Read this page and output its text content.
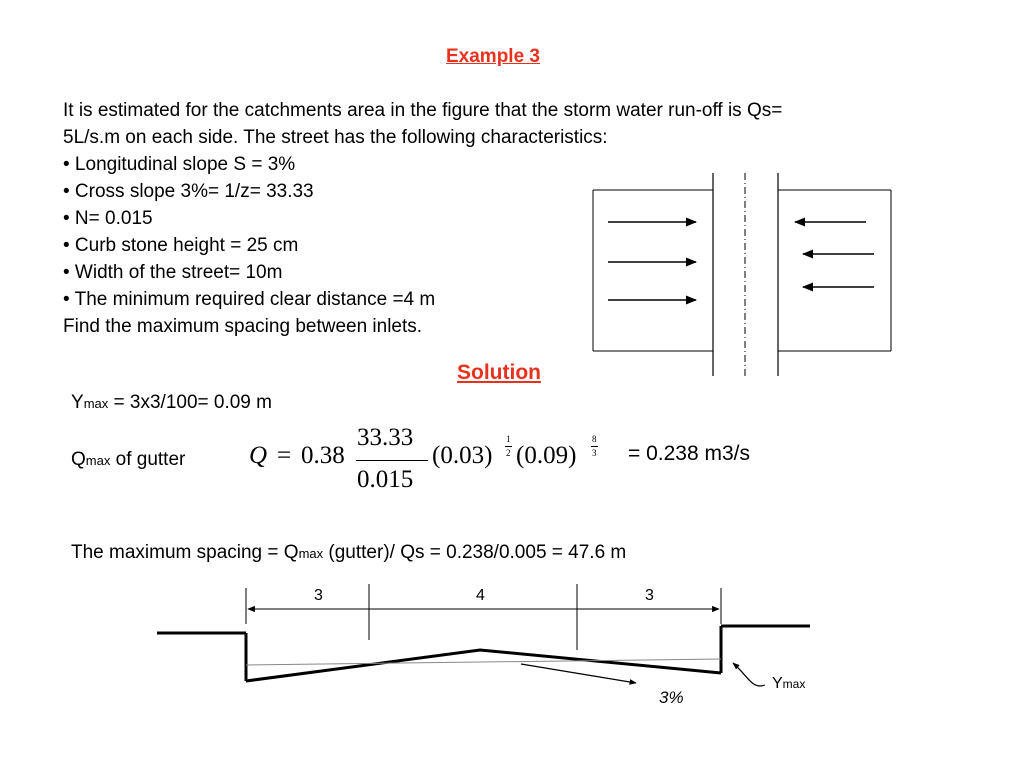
Example 3
It is estimated for the catchments area in the figure that the storm water run-off is Qs=
5L/s.m on each side. The street has the following characteristics:
• Longitudinal slope S = 3%
• Cross slope 3%= 1/z= 33.33
• N= 0.015
• Curb stone height = 25 cm
• Width of the street= 10m
• The minimum required clear distance =4 m
Find the maximum spacing between inlets.
Solution
Ymax = 3x3/100= 0.09 m
Qmax of gutter	Q = 0.38
33.33
0.015
(0.03)
1
2 (0.09)
8
3 = 0.238 m3/s
The maximum spacing = Qmax (gutter)/ Qs = 0.238/0.005 = 47.6 m
3	4	3
3%
Ymax
